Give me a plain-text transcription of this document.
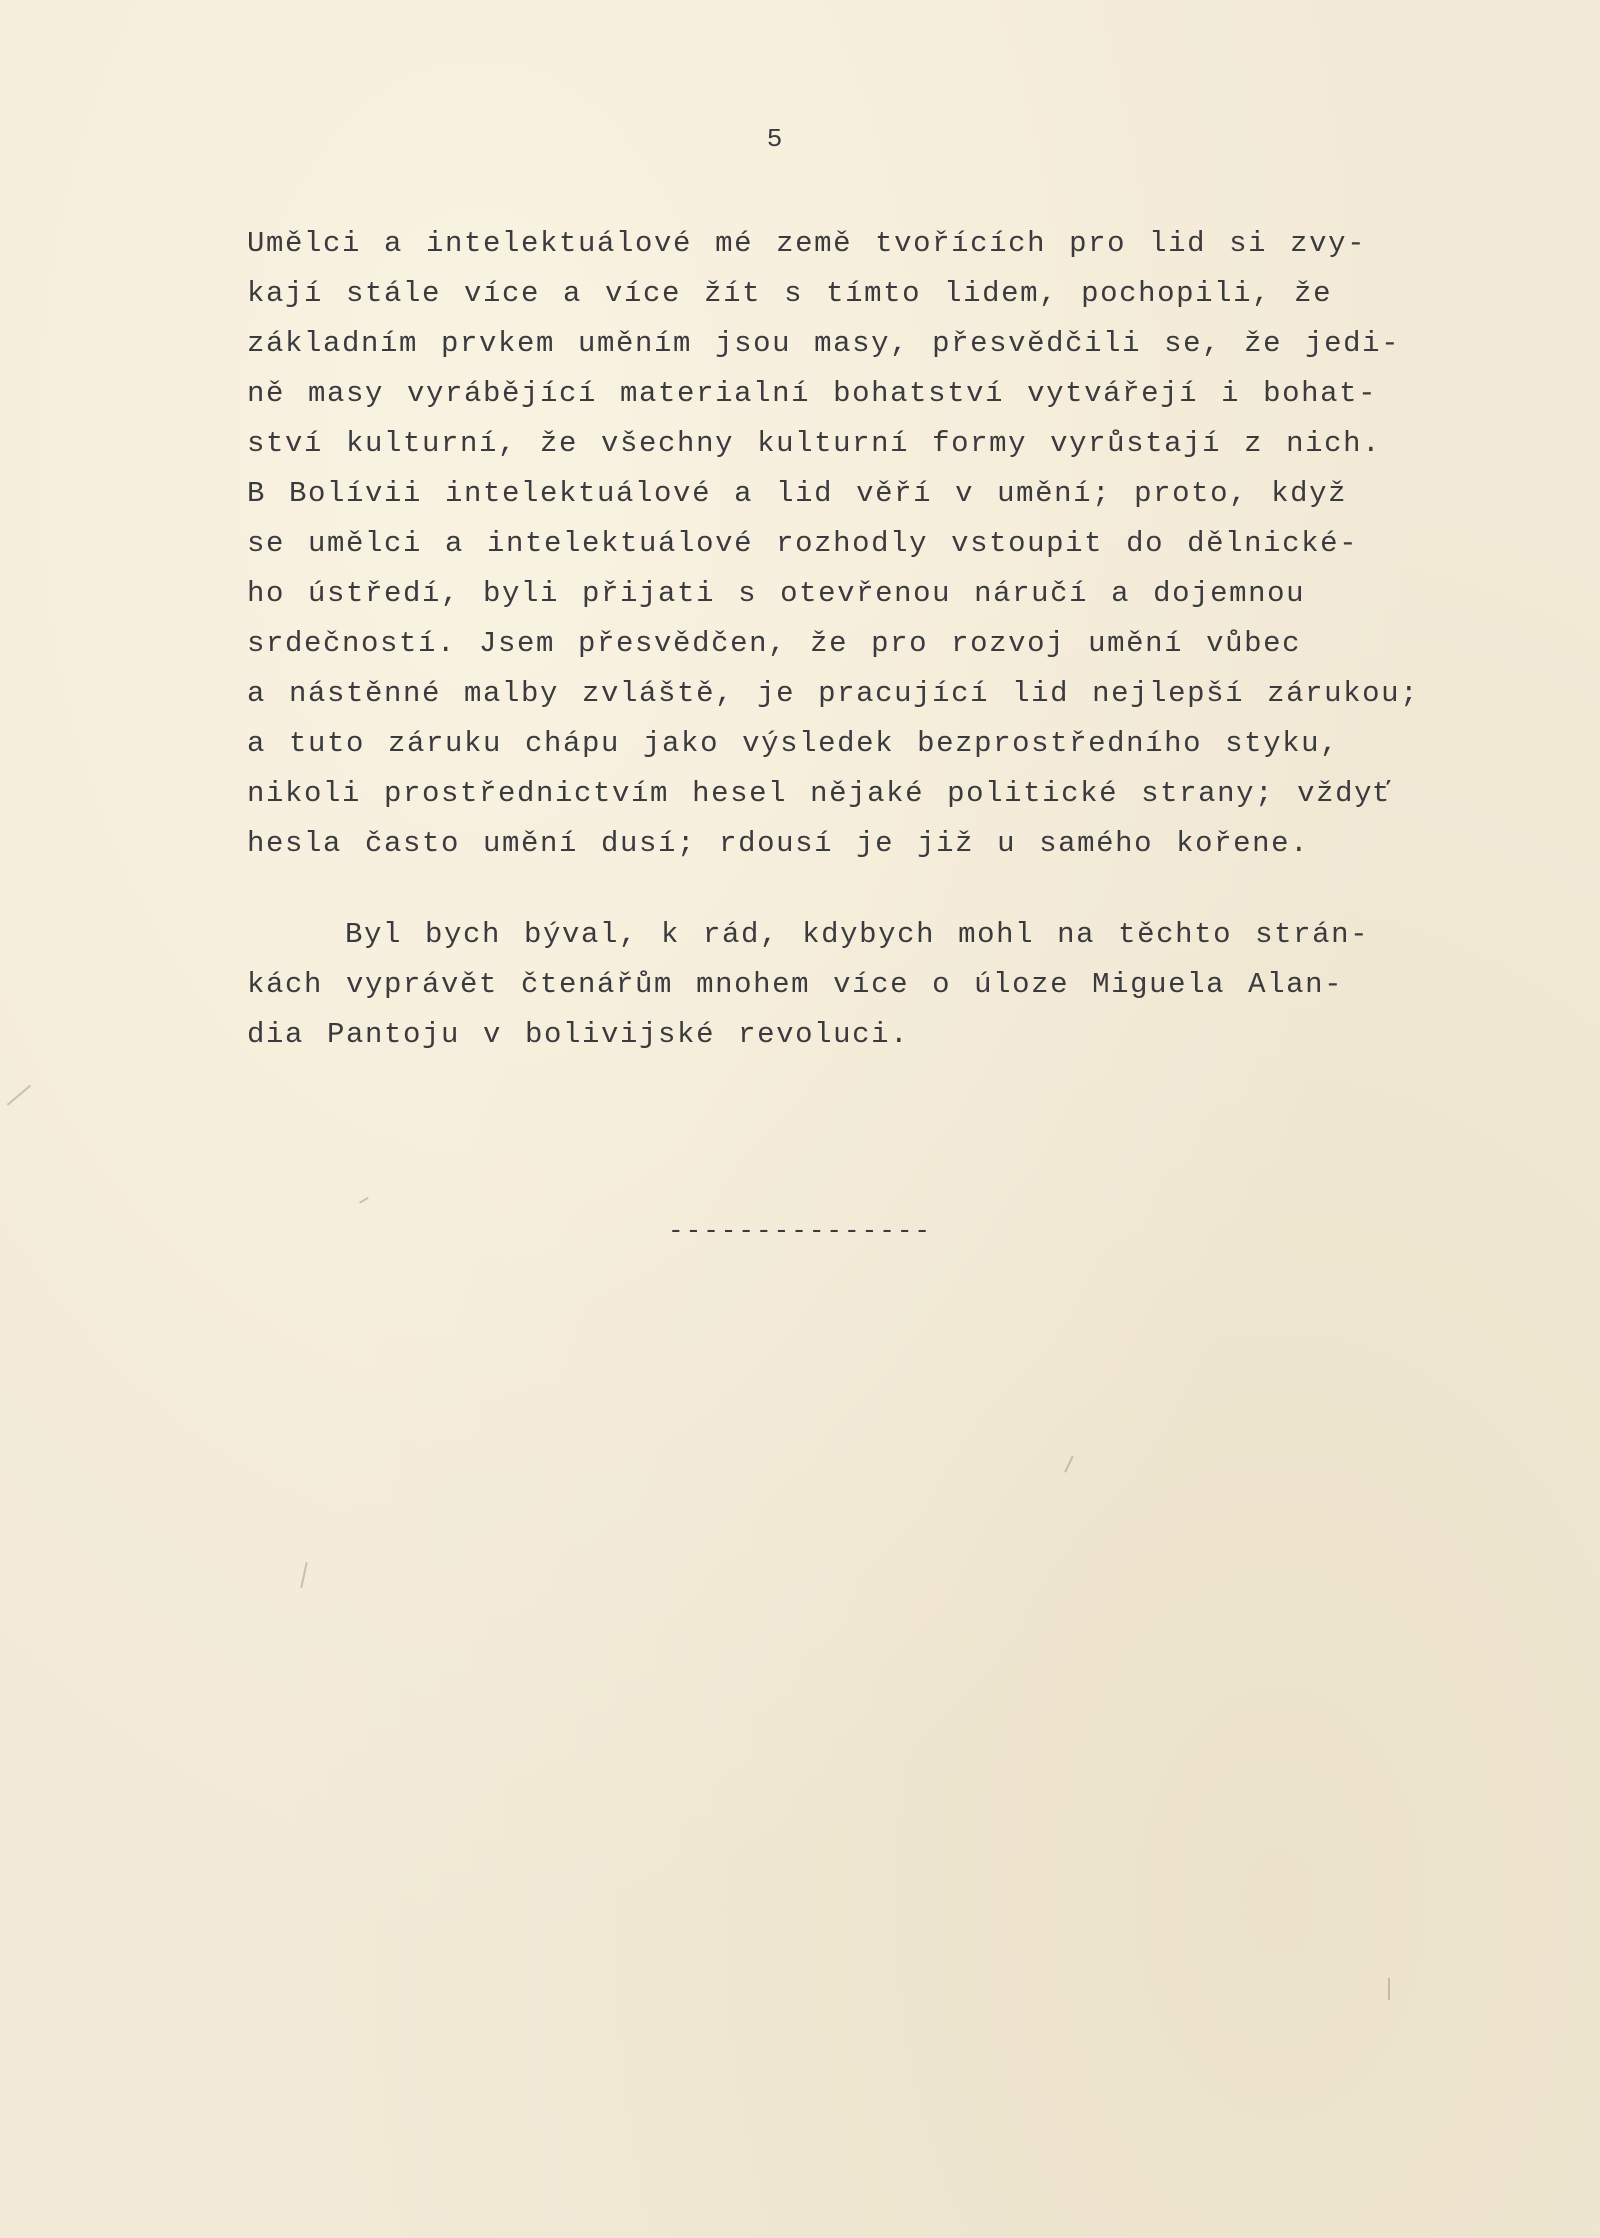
5
Umělci a intelektuálové mé země tvořících pro lid si zvy-
kají stále více a více žít s tímto lidem, pochopili, že
základním prvkem uměním jsou masy, přesvědčili se, že jedi-
ně masy vyrábějící materialní bohatství vytvářejí i bohat-
ství kulturní, že všechny kulturní formy vyrůstají z nich.
B Bolívii intelektuálové a lid věří v umění; proto, když
se umělci a intelektuálové rozhodly vstoupit do dělnické-
ho ústředí, byli přijati s otevřenou náručí a dojemnou
srdečností. Jsem přesvědčen, že pro rozvoj umění vůbec
a nástěnné malby zvláště, je pracující lid nejlepší zárukou;
a tuto záruku chápu jako výsledek bezprostředního styku,
nikoli prostřednictvím hesel nějaké politické strany; vždyť
hesla často umění dusí; rdousí je již u samého kořene.
Byl bych býval, k rád, kdybych mohl na těchto strán-
kách vyprávět čtenářům mnohem více o úloze Miguela Alan-
dia Pantoju v bolivijské revoluci.
---------------
